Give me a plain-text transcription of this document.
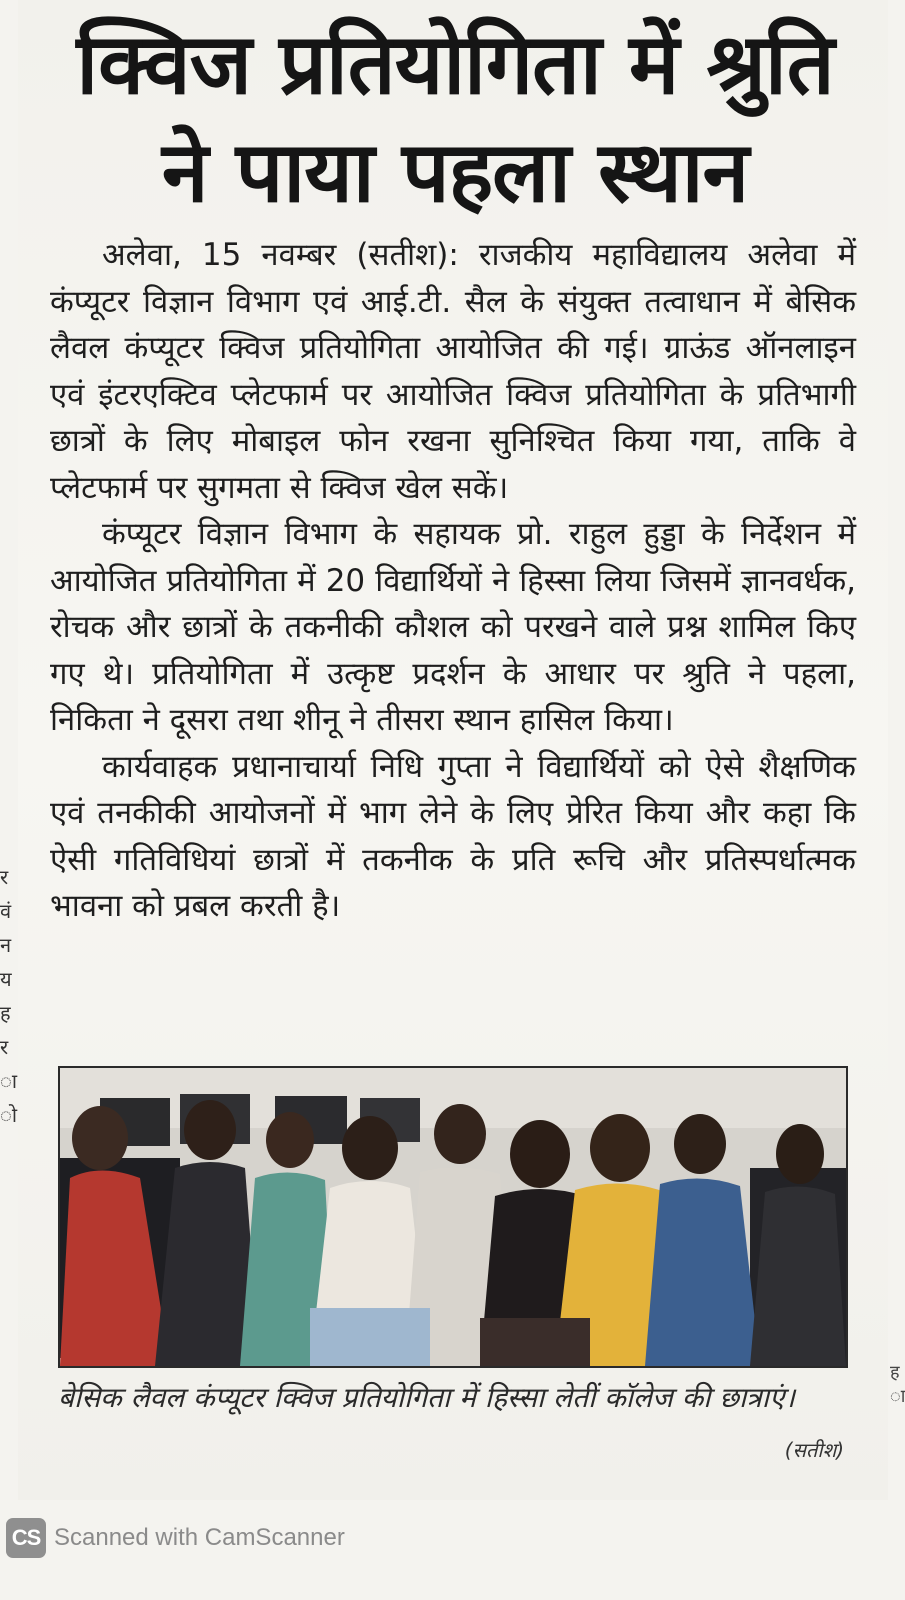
र
वं
न
य
ह
र
ा
ो
ह ा
क्विज प्रतियोगिता में श्रुति ने पाया पहला स्थान

अलेवा, 15 नवम्बर (सतीश): राजकीय महाविद्यालय अलेवा में कंप्यूटर विज्ञान विभाग एवं आई.टी. सैल के संयुक्त तत्वाधान में बेसिक लैवल कंप्यूटर क्विज प्रतियोगिता आयोजित की गई। ग्राऊंड ऑनलाइन एवं इंटरएक्टिव प्लेटफार्म पर आयोजित क्विज प्रतियोगिता के प्रतिभागी छात्रों के लिए मोबाइल फोन रखना सुनिश्चित किया गया, ताकि वे प्लेटफार्म पर सुगमता से क्विज खेल सकें।

कंप्यूटर विज्ञान विभाग के सहायक प्रो. राहुल हुड्डा के निर्देशन में आयोजित प्रतियोगिता में 20 विद्यार्थियों ने हिस्सा लिया जिसमें ज्ञानवर्धक, रोचक और छात्रों के तकनीकी कौशल को परखने वाले प्रश्न शामिल किए गए थे। प्रतियोगिता में उत्कृष्ट प्रदर्शन के आधार पर श्रुति ने पहला, निकिता ने दूसरा तथा शीनू ने तीसरा स्थान हासिल किया।

कार्यवाहक प्रधानाचार्या निधि गुप्ता ने विद्यार्थियों को ऐसे शैक्षणिक एवं तनकीकी आयोजनों में भाग लेने के लिए प्रेरित किया और कहा कि ऐसी गतिविधियां छात्रों में तकनीक के प्रति रूचि और प्रतिस्पर्धात्मक भावना को प्रबल करती है।

बेसिक लैवल कंप्यूटर क्विज प्रतियोगिता में हिस्सा लेतीं कॉलेज की छात्राएं।
(सतीश)
CS Scanned with CamScanner
